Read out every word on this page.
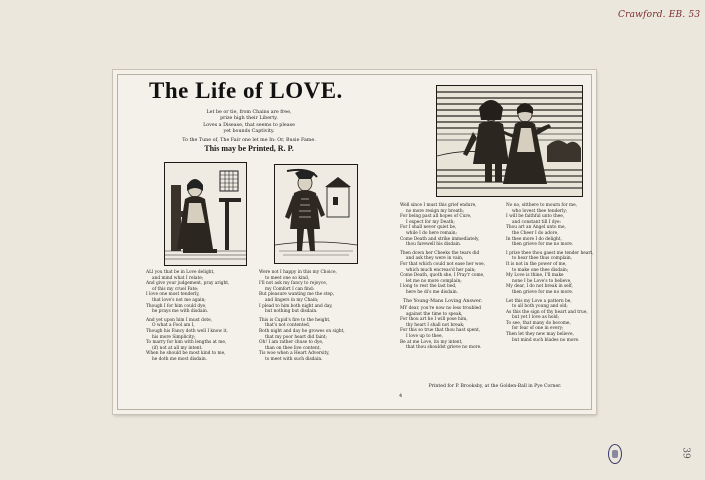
Crawford. EB. 53
39
The Life of LOVE.
Let be or tie, from Chains are free,
prize high their Liberty.
Loves a Disease, that seems to please
yet bounds Captivity.
To the Tune of, The Fair one let me In: Or, Busie Fame.
This may be Printed, R. P.

ALl you that be in Love delight,
and mind what I relate;
And give your judgement, pray aright,
of this my cruel Fate;
I love one most tenderly,
that love's not me again;
Though I for him could dye,
he prays me with disdain.

And yet upon him I must dote,
O what a Fool am I,
Though his Fancy doth well I know it,
his more Simplicity;
To marry for him with lengths at me,
(if) not at all my intent.
When he should be most kind to me,
he doth me most disdain.

Were not I happy in this my Choice,
to meet one so kind,
I'll not ask my fancy to rejoyce,
my Comfort I can find:
But pleasure wanting me the step,
and lingers in my Chain;
I plead to him both night and day,
but nothing but disdain.

This is Cupid's fire to the height,
that's not contented,
Both night and day he growes on sight,
that my poor heart did faint;
Oh! I am rather chuse to dye,
than on thee live content,
Tis woe when a Heart Adversity,
to meet with such disdain.

Well since I must this grief endure,
no more resign my breath;
For being past all hopes of Cure,
I expect for my Death;
For I shall never quiet be,
while I do here remain;
Come Death and strike immediately,
thou farewell his disdain.

Then down her Cheeks the tears did
and ask they were in vain,
For that which could not ease her woe,
which much encreas'd her pain;
Come Death, quoth she, I Pray'r come,
let me no more complain;
I long to rest the last bed,
here he di's me disdain.

The Young-Mans Loving Answer.

MY dear, you're now no less troubled
against the time to speak,
For thou art he I will pose him,
thy heart I shall not break;
For this so true that thou hast spent,
I love up to thee,
Be at me Love, its my intent,
that thou shouldst grieve no more.

No no, sitthere to mourn for me,
who lovest thee tenderly;
I will be faithful unto thee,
and constant till I dye:
Thou art an Angel unto me,
the Cheer I do adore,
In thee more I do delight,
then grieve for me no more.

I prize thee thou gaest me tender heart,
to hear thee thus complain,
It is not in the power of me,
to make one thee disdain;
My Love is thine, I'll make
none I be Love's to believe,
My dear, I do not break in self,
then grieve for me no more.

Let this my Love a pattern be,
to all both young and old;
As this the sign of thy heart and true,
but yet I love as hold;
To see, that many do become,
for fear of one in every;
Then let they new may believe,
but mind such blades no more.

Printed for P. Brooksby, at the Golden-Ball in Pye Corner.
4
